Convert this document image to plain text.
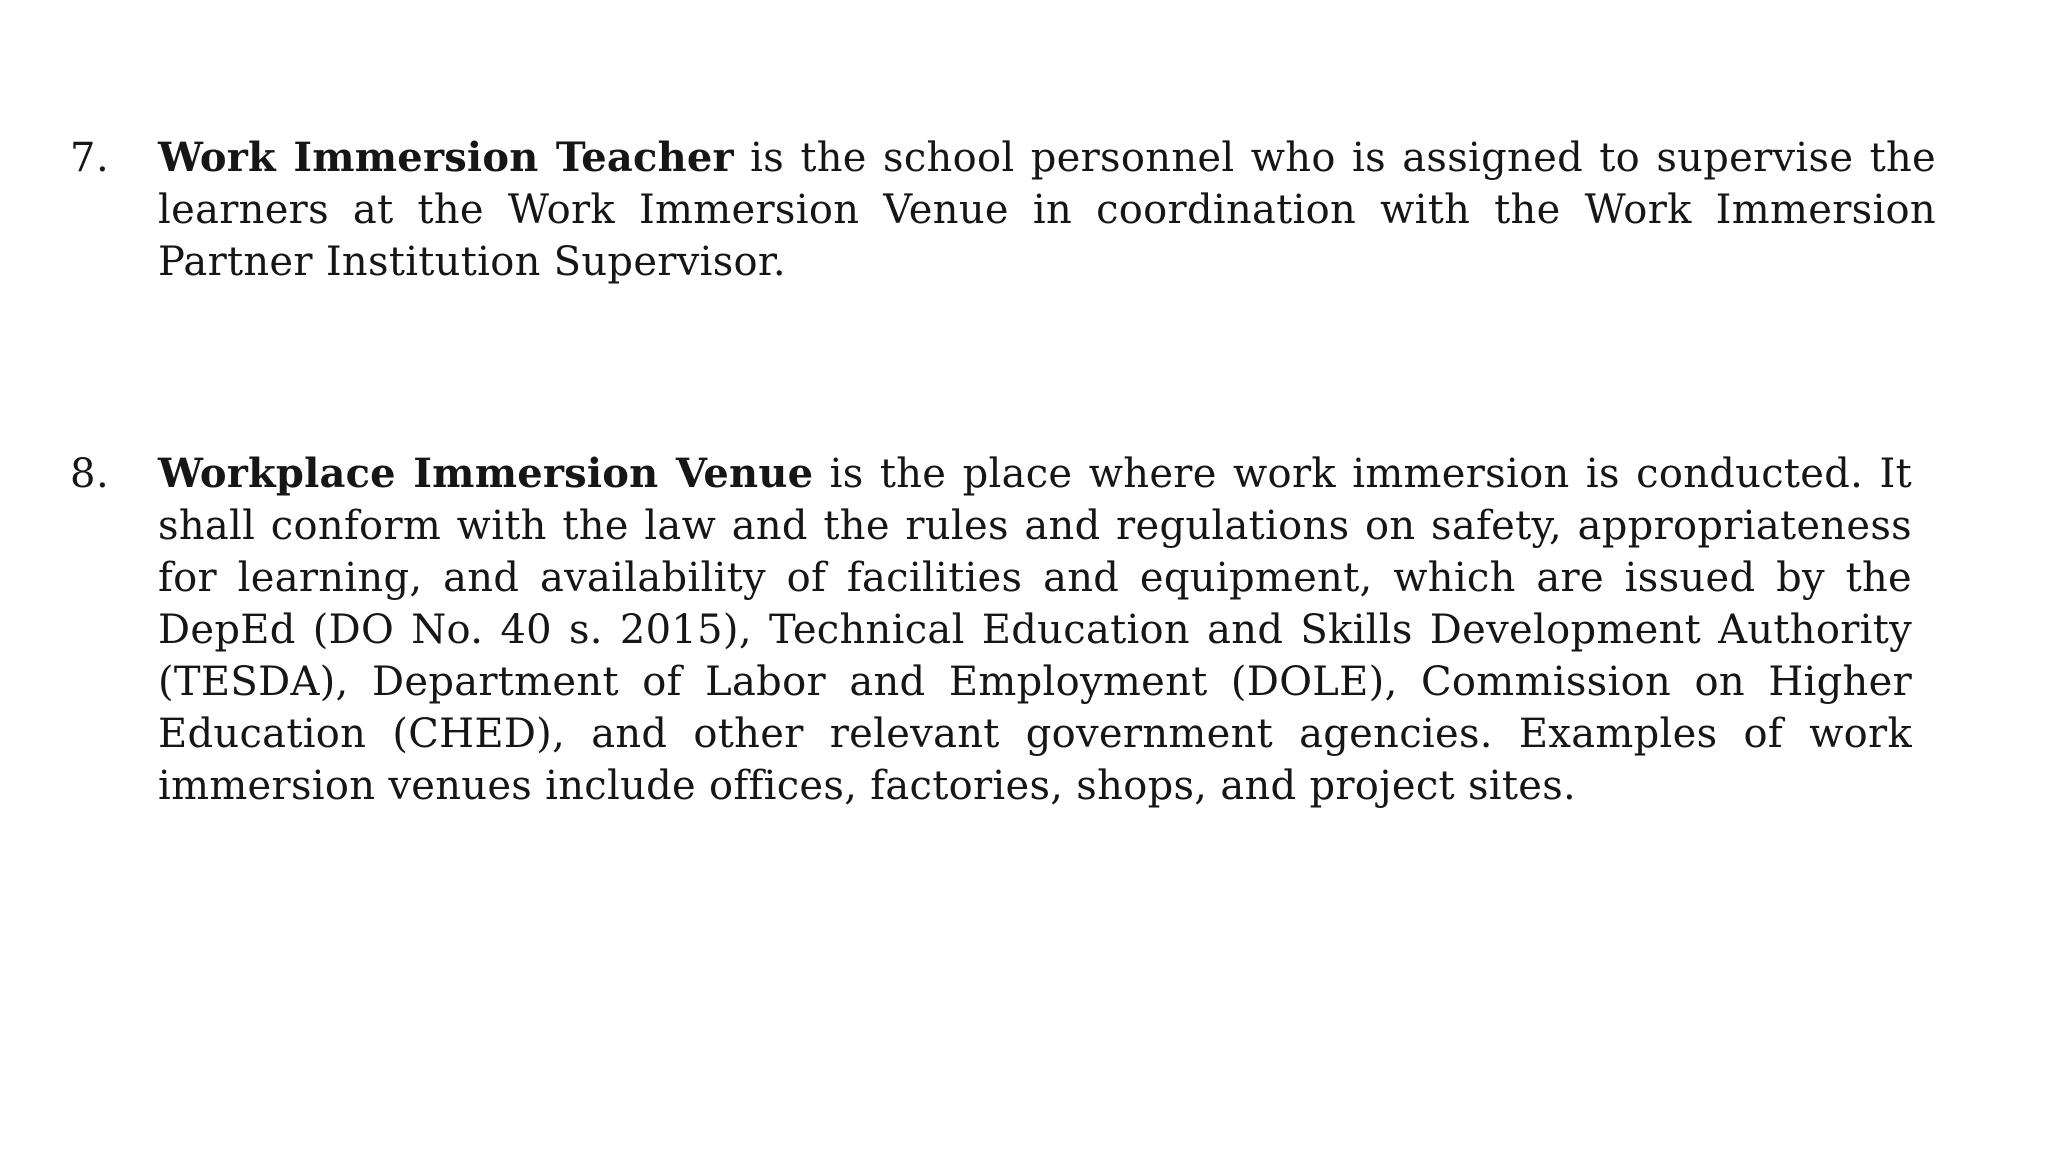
7. Work Immersion Teacher is the school personnel who is assigned to supervise the learners at the Work Immersion Venue in coordination with the Work Immersion Partner Institution Supervisor.

8. Workplace Immersion Venue is the place where work immersion is conducted. It shall conform with the law and the rules and regulations on safety, appropriateness for learning, and availability of facilities and equipment, which are issued by the DepEd (DO No. 40 s. 2015), Technical Education and Skills Development Authority (TESDA), Department of Labor and Employment (DOLE), Commission on Higher Education (CHED), and other relevant government agencies. Examples of work immersion venues include offices, factories, shops, and project sites.
